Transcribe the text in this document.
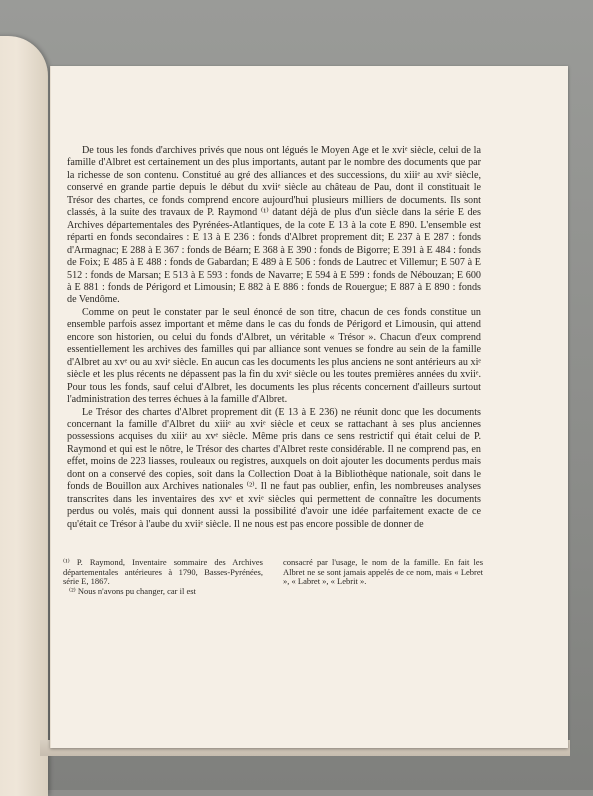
De tous les fonds d'archives privés que nous ont légués le Moyen Age et le xviᵉ siècle, celui de la famille d'Albret est certainement un des plus importants, autant par le nombre des documents que par la richesse de son contenu. Constitué au gré des alliances et des successions, du xiiiᵉ au xviᵉ siècle, conservé en grande partie depuis le début du xviiᵉ siècle au château de Pau, dont il constituait le Trésor des chartes, ce fonds comprend encore aujourd'hui plusieurs milliers de documents. Ils sont classés, à la suite des travaux de P. Raymond ⁽¹⁾ datant déjà de plus d'un siècle dans la série E des Archives départementales des Pyrénées-Atlantiques, de la cote E 13 à la cote E 890. L'ensemble est réparti en fonds secondaires : E 13 à E 236 : fonds d'Albret proprement dit; E 237 à E 287 : fonds d'Armagnac; E 288 à E 367 : fonds de Béarn; E 368 à E 390 : fonds de Bigorre; E 391 à E 484 : fonds de Foix; E 485 à E 488 : fonds de Gabardan; E 489 à E 506 : fonds de Lautrec et Villemur; E 507 à E 512 : fonds de Marsan; E 513 à E 593 : fonds de Navarre; E 594 à E 599 : fonds de Nébouzan; E 600 à E 881 : fonds de Périgord et Limousin; E 882 à E 886 : fonds de Rouergue; E 887 à E 890 : fonds de Vendôme.

Comme on peut le constater par le seul énoncé de son titre, chacun de ces fonds constitue un ensemble parfois assez important et même dans le cas du fonds de Périgord et Limousin, qui attend encore son historien, ou celui du fonds d'Albret, un véritable « Trésor ». Chacun d'eux comprend essentiellement les archives des familles qui par alliance sont venues se fondre au sein de la famille d'Albret au xvᵉ ou au xviᵉ siècle. En aucun cas les documents les plus anciens ne sont antérieurs au xiᵉ siècle et les plus récents ne dépassent pas la fin du xviᵉ siècle ou les toutes premières années du xviiᵉ. Pour tous les fonds, sauf celui d'Albret, les documents les plus récents concernent d'ailleurs surtout l'administration des terres échues à la famille d'Albret.

Le Trésor des chartes d'Albret proprement dit (E 13 à E 236) ne réunit donc que les documents concernant la famille d'Albret du xiiiᵉ au xviᵉ siècle et ceux se rattachant à ses plus anciennes possessions acquises du xiiiᵉ au xvᵉ siècle. Même pris dans ce sens restrictif qui était celui de P. Raymond et qui est le nôtre, le Trésor des chartes d'Albret reste considérable. Il ne comprend pas, en effet, moins de 223 liasses, rouleaux ou registres, auxquels on doit ajouter les documents perdus mais dont on a conservé des copies, soit dans la Collection Doat à la Bibliothèque nationale, soit dans le fonds de Bouillon aux Archives nationales ⁽²⁾. Il ne faut pas oublier, enfin, les nombreuses analyses transcrites dans les inventaires des xvᵉ et xviᵉ siècles qui permettent de connaître les documents perdus ou volés, mais qui donnent aussi la possibilité d'avoir une idée parfaitement exacte de ce qu'était ce Trésor à l'aube du xviiᵉ siècle. Il ne nous est pas encore possible de donner de

⁽¹⁾ P. Raymond, Inventaire sommaire des Archives départementales antérieures à 1790, Basses-Pyrénées, série E, 1867.

⁽²⁾ Nous n'avons pu changer, car il est

consacré par l'usage, le nom de la famille. En fait les Albret ne se sont jamais appelés de ce nom, mais « Lebret », « Labret », « Lebrit ».
